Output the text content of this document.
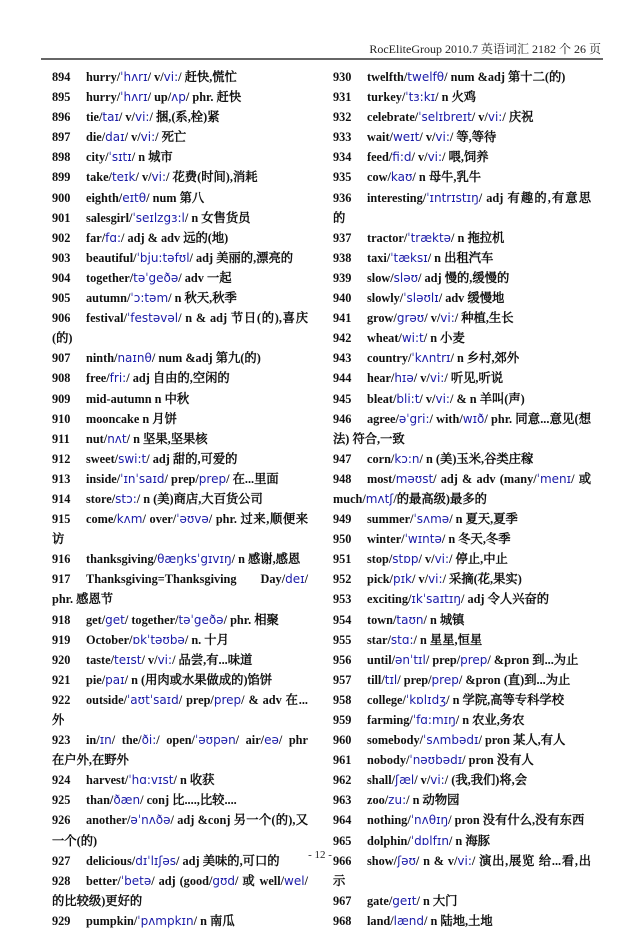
RocEliteGroup 2010.7 英语词汇 2182 个 26 页
894 hurry/ˈhʌrɪ/ v/vi:/ 赶快,慌忙
895 hurry/ˈhʌrɪ/ up/ʌp/ phr. 赶快
896 tie/taɪ/ v/vi:/ 捆,(系,栓)紧
897 die/daɪ/ v/vi:/ 死亡
898 city/ˈsɪtɪ/ n 城市
899 take/teɪk/ v/vi:/ 花费(时间),消耗
900 eighth/eɪtθ/ num 第八
901 salesgirl/ˈseɪlzgɜ:l/ n 女售货员
902 far/fɑ:/ adj & adv 远的(地)
903 beautiful/ˈbju:təfʊl/ adj 美丽的,漂亮的
904 together/təˈgeðə/ adv 一起
905 autumn/ˈɔ:təm/ n 秋天,秋季
906 festival/ˈfestəvəl/ n & adj 节日(的),喜庆(的)
907 ninth/naɪnθ/ num &adj 第九(的)
908 free/fri:/ adj 自由的,空闲的
909 mid-autumn n 中秋
910 mooncake n 月饼
911 nut/nʌt/ n 坚果,坚果核
912 sweet/swi:t/ adj 甜的,可爱的
913 inside/ˈɪnˈsaɪd/ prep/prep/ 在...里面
914 store/stɔ:/ n (美)商店,大百货公司
915 come/kʌm/ over/ˈəʊvə/ phr. 过来,顺便来访
916 thanksgiving/θæŋksˈgɪvɪŋ/ n 感谢,感恩
917 Thanksgiving=Thanksgiving Day/deɪ/ phr. 感恩节
918 get/get/ together/təˈgeðə/ phr. 相聚
919 October/ɒkˈtəʊbə/ n. 十月
920 taste/teɪst/ v/vi:/ 品尝,有...味道
921 pie/paɪ/ n (用肉或水果做成的)馅饼
922 outside/ˈaʊtˈsaɪd/ prep/prep/ & adv 在...外
923 in/ɪn/ the/ði:/ open/ˈəʊpən/ air/eə/ phr 在户外,在野外
924 harvest/ˈhɑ:vɪst/ n 收获
925 than/ðæn/ conj 比....,比较....
926 another/əˈnʌðə/ adj &conj 另一个(的),又一个(的)
927 delicious/dɪˈlɪʃəs/ adj 美味的,可口的
928 better/ˈbetə/ adj (good/gʊd/ 或 well/wel/的比较级)更好的
929 pumpkin/ˈpʌmpkɪn/ n 南瓜
930 twelfth/twelfθ/ num &adj 第十二(的)
931 turkey/ˈtɜ:kɪ/ n 火鸡
932 celebrate/ˈselɪbreɪt/ v/vi:/ 庆祝
933 wait/weɪt/ v/vi:/ 等,等待
934 feed/fi:d/ v/vi:/ 喂,饲养
935 cow/kaʊ/ n 母牛,乳牛
936 interesting/ˈɪntrɪstɪŋ/ adj 有趣的,有意思的
937 tractor/ˈtræktə/ n 拖拉机
938 taxi/ˈtæksɪ/ n 出租汽车
939 slow/sləʊ/ adj 慢的,缓慢的
940 slowly/ˈsləʊlɪ/ adv 缓慢地
941 grow/grəʊ/ v/vi:/ 种植,生长
942 wheat/wi:t/ n 小麦
943 country/ˈkʌntrɪ/ n 乡村,郊外
944 hear/hɪə/ v/vi:/ 听见,听说
945 bleat/bli:t/ v/vi:/ & n 羊叫(声)
946 agree/əˈgri:/ with/wɪð/ phr. 同意...意见(想法) 符合,一致
947 corn/kɔ:n/ n (美)玉米,谷类庄稼
948 most/məʊst/ adj & adv (many/ˈmenɪ/ 或 much/mʌtʃ/的最高级)最多的
949 summer/ˈsʌmə/ n 夏天,夏季
950 winter/ˈwɪntə/ n 冬天,冬季
951 stop/stɒp/ v/vi:/ 停止,中止
952 pick/pɪk/ v/vi:/ 采摘(花,果实)
953 exciting/ɪkˈsaɪtɪŋ/ adj 令人兴奋的
954 town/taʊn/ n 城镇
955 star/stɑ:/ n 星星,恒星
956 until/ənˈtɪl/ prep/prep/ &pron 到...为止
957 till/tɪl/ prep/prep/ &pron (直)到...为止
958 college/ˈkɒlɪdʒ/ n 学院,高等专科学校
959 farming/ˈfɑ:mɪŋ/ n 农业,务农
960 somebody/ˈsʌmbədɪ/ pron 某人,有人
961 nobody/ˈnəʊbədɪ/ pron 没有人
962 shall/ʃæl/ v/vi:/ (我,我们)将,会
963 zoo/zu:/ n 动物园
964 nothing/ˈnʌθɪŋ/ pron 没有什么,没有东西
965 dolphin/ˈdɒlfɪn/ n 海豚
966 show/ʃəʊ/ n & v/vi:/ 演出,展览 给...看,出示
967 gate/geɪt/ n 大门
968 land/lænd/ n 陆地,土地
- 12 -
